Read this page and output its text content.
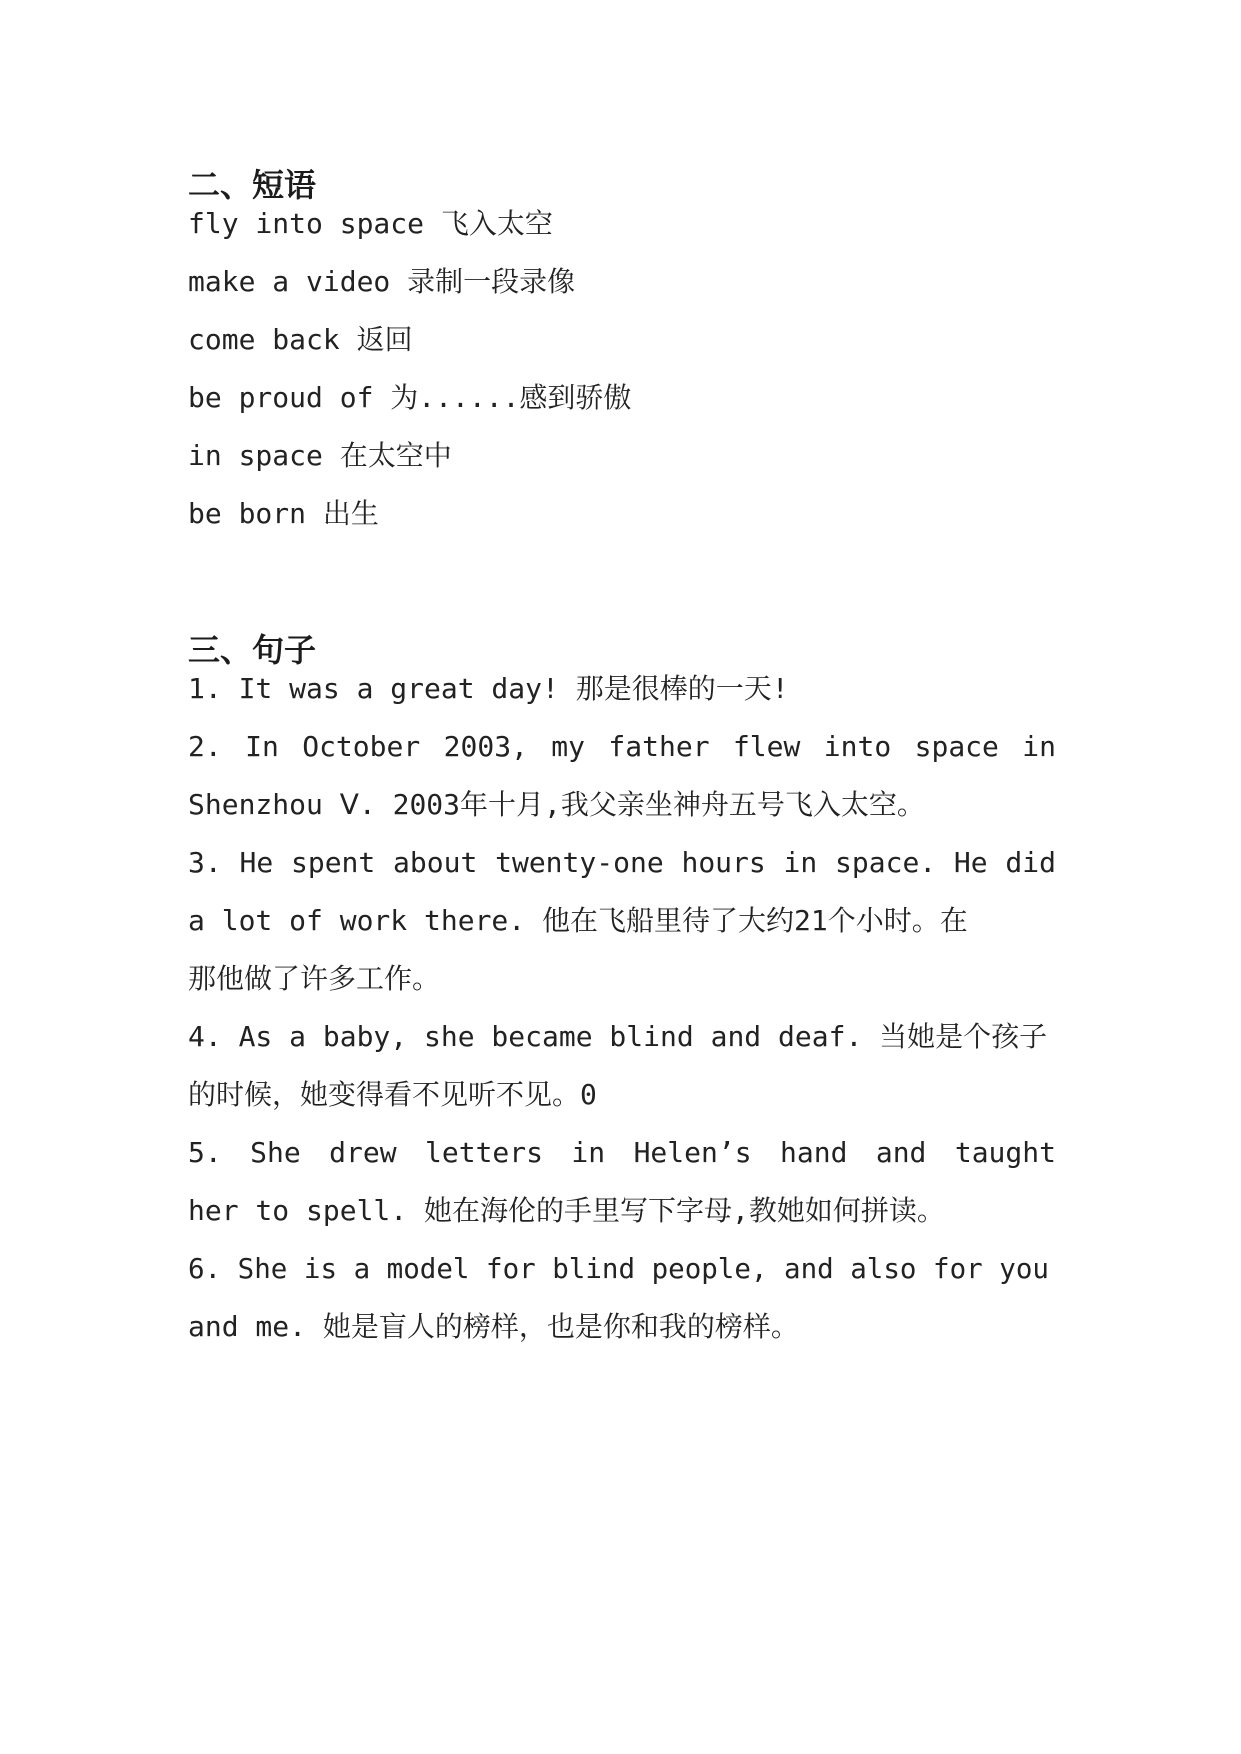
二、短语
fly into space 飞入太空
make a video 录制一段录像
come back 返回
be proud of 为......感到骄傲
in space 在太空中
be born 出生
三、句子
1. It was a great day! 那是很棒的一天!
2. In October 2003, my father flew into space in
Shenzhou Ⅴ. 2003年十月,我父亲坐神舟五号飞入太空。
3. He spent about twenty-one hours in space. He did
a lot of work there. 他在飞船里待了大约21个小时。在
那他做了许多工作。
4. As a baby, she became blind and deaf. 当她是个孩子
的时候，她变得看不见听不见。0
5. She drew letters in Helen’s hand and taught
her to spell. 她在海伦的手里写下字母,教她如何拼读。
6. She is a model for blind people, and also for you
and me. 她是盲人的榜样，也是你和我的榜样。
